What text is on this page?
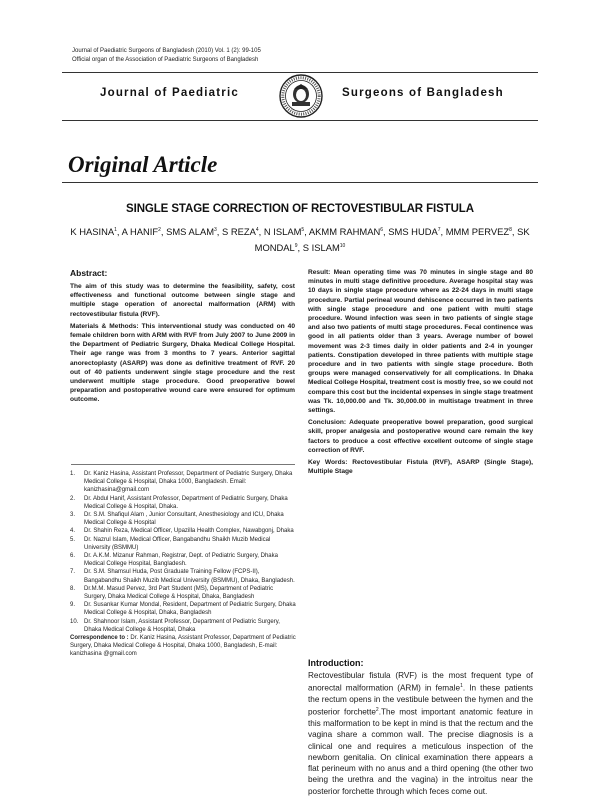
Journal of Paediatric Surgeons of Bangladesh (2010) Vol. 1 (2): 99-105
Official organ of the Association of Paediatric Surgeons of Bangladesh
Journal of Paediatric	Surgeons of Bangladesh
Original Article
SINGLE STAGE CORRECTION OF RECTOVESTIBULAR FISTULA
K HASINA$^1$, A HANIF$^2$, SMS ALAM$^3$, S REZA$^4$, N ISLAM$^5$, AKMM RAHMAN$^6$, SMS HUDA$^7$, MMM PERVEZ$^8$, SK MONDAL$^9$, S ISLAM$^{10}$
Abstract:

The aim of this study was to determine the feasibility, safety, cost effectiveness and functional outcome between single stage and multiple stage operation of anorectal malformation (ARM) with rectovestibular fistula (RVF).

Materials & Methods: This interventional study was conducted on 40 female children born with ARM with RVF from July 2007 to June 2009 in the Department of Pediatric Surgery, Dhaka Medical College Hospital. Their age range was from 3 months to 7 years. Anterior sagittal anorectoplasty (ASARP) was done as definitive treatment of RVF. 20 out of 40 patients underwent single stage procedure and the rest underwent multiple stage procedure. Good preoperative bowel preparation and postoperative wound care were ensured for optimum outcome.

1.	Dr. Kaniz Hasina, Assistant Professor, Department of Pediatric Surgery, Dhaka Medical College & Hospital, Dhaka 1000, Bangladesh. Email: kanizhasina@gmail.com
2.	Dr. Abdul Hanif, Assistant Professor, Department of Pediatric Surgery, Dhaka Medical College & Hospital, Dhaka.
3.	Dr. S.M. Shafiqul Alam , Junior Consultant, Anesthesiology and ICU, Dhaka Medical College & Hospital
4.	Dr. Shahin Reza, Medical Officer, Upazilla Health Complex, Nawabgonj, Dhaka
5.	Dr. Nazrul Islam, Medical Officer, Bangabandhu Shaikh Muzib Medical University (BSMMU)
6.	Dr. A.K.M. Mizanur Rahman, Registrar, Dept. of Pediatric Surgery, Dhaka Medical College Hospital, Bangladesh.
7.	Dr. S.M. Shamsul Huda, Post Graduate Training Fellow (FCPS-II), Bangabandhu Shaikh Muzib Medical University (BSMMU), Dhaka, Bangladesh.
8.	Dr.M.M. Masud Pervez, 3rd Part Student (MS), Department of Pediatric Surgery, Dhaka Medical College & Hospital, Dhaka, Bangladesh
9.	Dr. Susankar Kumar Mondal, Resident, Department of Pediatric Surgery, Dhaka Medical College & Hospital, Dhaka, Bangladesh
10. Dr. Shahnoor Islam, Assistant Professor, Department of Pediatric Surgery, Dhaka Medical College & Hospital, Dhaka
Correspondence to : Dr. Kaniz Hasina, Assistant Professor, Department of Pediatric Surgery, Dhaka Medical College & Hospital, Dhaka 1000, Bangladesh, E-mail: kanizhasina @gmail.com

Result: Mean operating time was 70 minutes in single stage and 80 minutes in multi stage definitive procedure. Average hospital stay was 10 days in single stage procedure where as 22-24 days in multi stage procedure. Partial perineal wound dehiscence occurred in two patients with single stage procedure and one patient with multi stage procedure. Wound infection was seen in two patients of single stage and also two patients of multi stage procedures. Fecal continence was good in all patients older than 3 years. Average number of bowel movement was 2-3 times daily in older patients and 2-4 in younger patients. Constipation developed in three patients with multiple stage procedure and in two patients with single stage procedure. Both groups were managed conservatively for all complications. In Dhaka Medical College Hospital, treatment cost is mostly free, so we could not compare this cost but the incidental expenses in single stage treatment was Tk. 10,000.00 and Tk. 30,000.00 in multistage treatment in three settings.

Conclusion: Adequate preoperative bowel preparation, good surgical skill, proper analgesia and postoperative wound care remain the key factors to produce a cost effective excellent outcome of single stage correction of RVF.

Key Words: Rectovestibular Fistula (RVF), ASARP (Single Stage), Multiple Stage

Introduction:
Rectovestibular fistula (RVF) is the most frequent type of anorectal malformation (ARM) in female$^1$. In these patients the rectum opens in the vestibule between the hymen and the posterior forchette$^2$.The most important anatomic feature in this malformation to be kept in mind is that the rectum and the vagina share a common wall. The precise diagnosis is a clinical one and requires a meticulous inspection of the newborn genitalia. On clinical examination there appears a flat perineum with no anus and a third opening (the other two being the urethra and the vagina) in the introitus near the posterior forchette through which feces come out.
